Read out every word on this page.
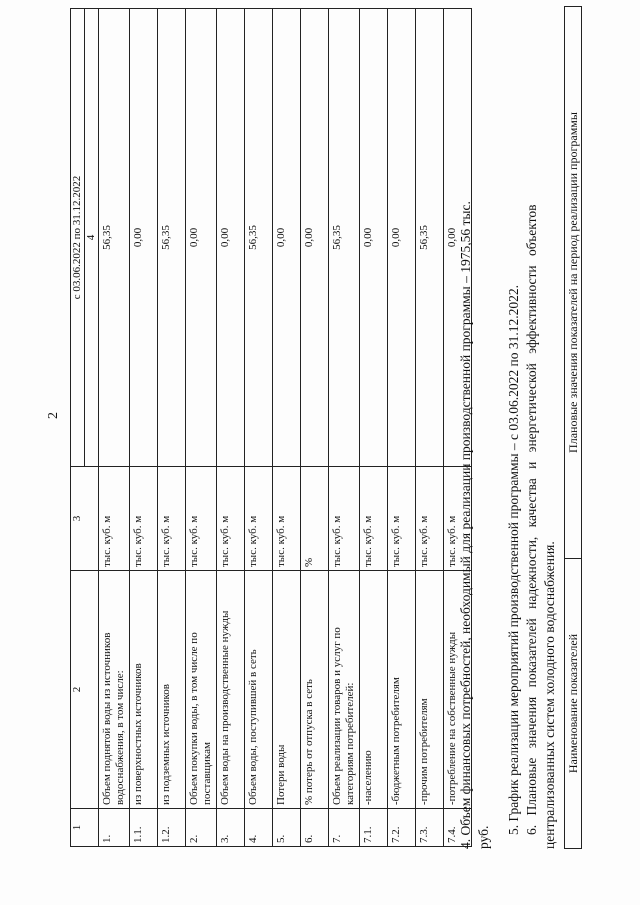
2
1	2	3	с 03.06.2022 по 31.12.2022
			4
1.	Объем поднятой воды из источников водоснабжения, в том числе:	тыс. куб. м	56,35
1.1.	из поверхностных источников	тыс. куб. м	0,00
1.2.	из подземных источников	тыс. куб. м	56,35
2.	Объем покупки воды, в том числе по поставщикам	тыс. куб. м	0,00
3.	Объем воды на производственные нужды	тыс. куб. м	0,00
4.	Объем воды, поступившей в сеть	тыс. куб. м	56,35
5.	Потери воды	тыс. куб. м	0,00
6.	% потерь от отпуска в сеть	%	0,00
7.	Объем реализации товаров и услуг по категориям потребителей:	тыс. куб. м	56,35
7.1.	-населению	тыс. куб. м	0,00
7.2.	-бюджетным потребителям	тыс. куб. м	0,00
7.3.	-прочим потребителям	тыс. куб. м	56,35
7.4.	-потребление на собственные нужды	тыс. куб. м	0,00 4. Объем финансовых потребностей, необходимый для реализации производственной программы – 1975,56 тыс. руб.
5. График реализации мероприятий производственной программы – с 03.06.2022 по 31.12.2022. 6. Плановые значения показателей надежности, качества и энергетической эффективности объектов централизованных систем холодного водоснабжения. Наименование показателей	Плановые значения показателей на период реализации программы
